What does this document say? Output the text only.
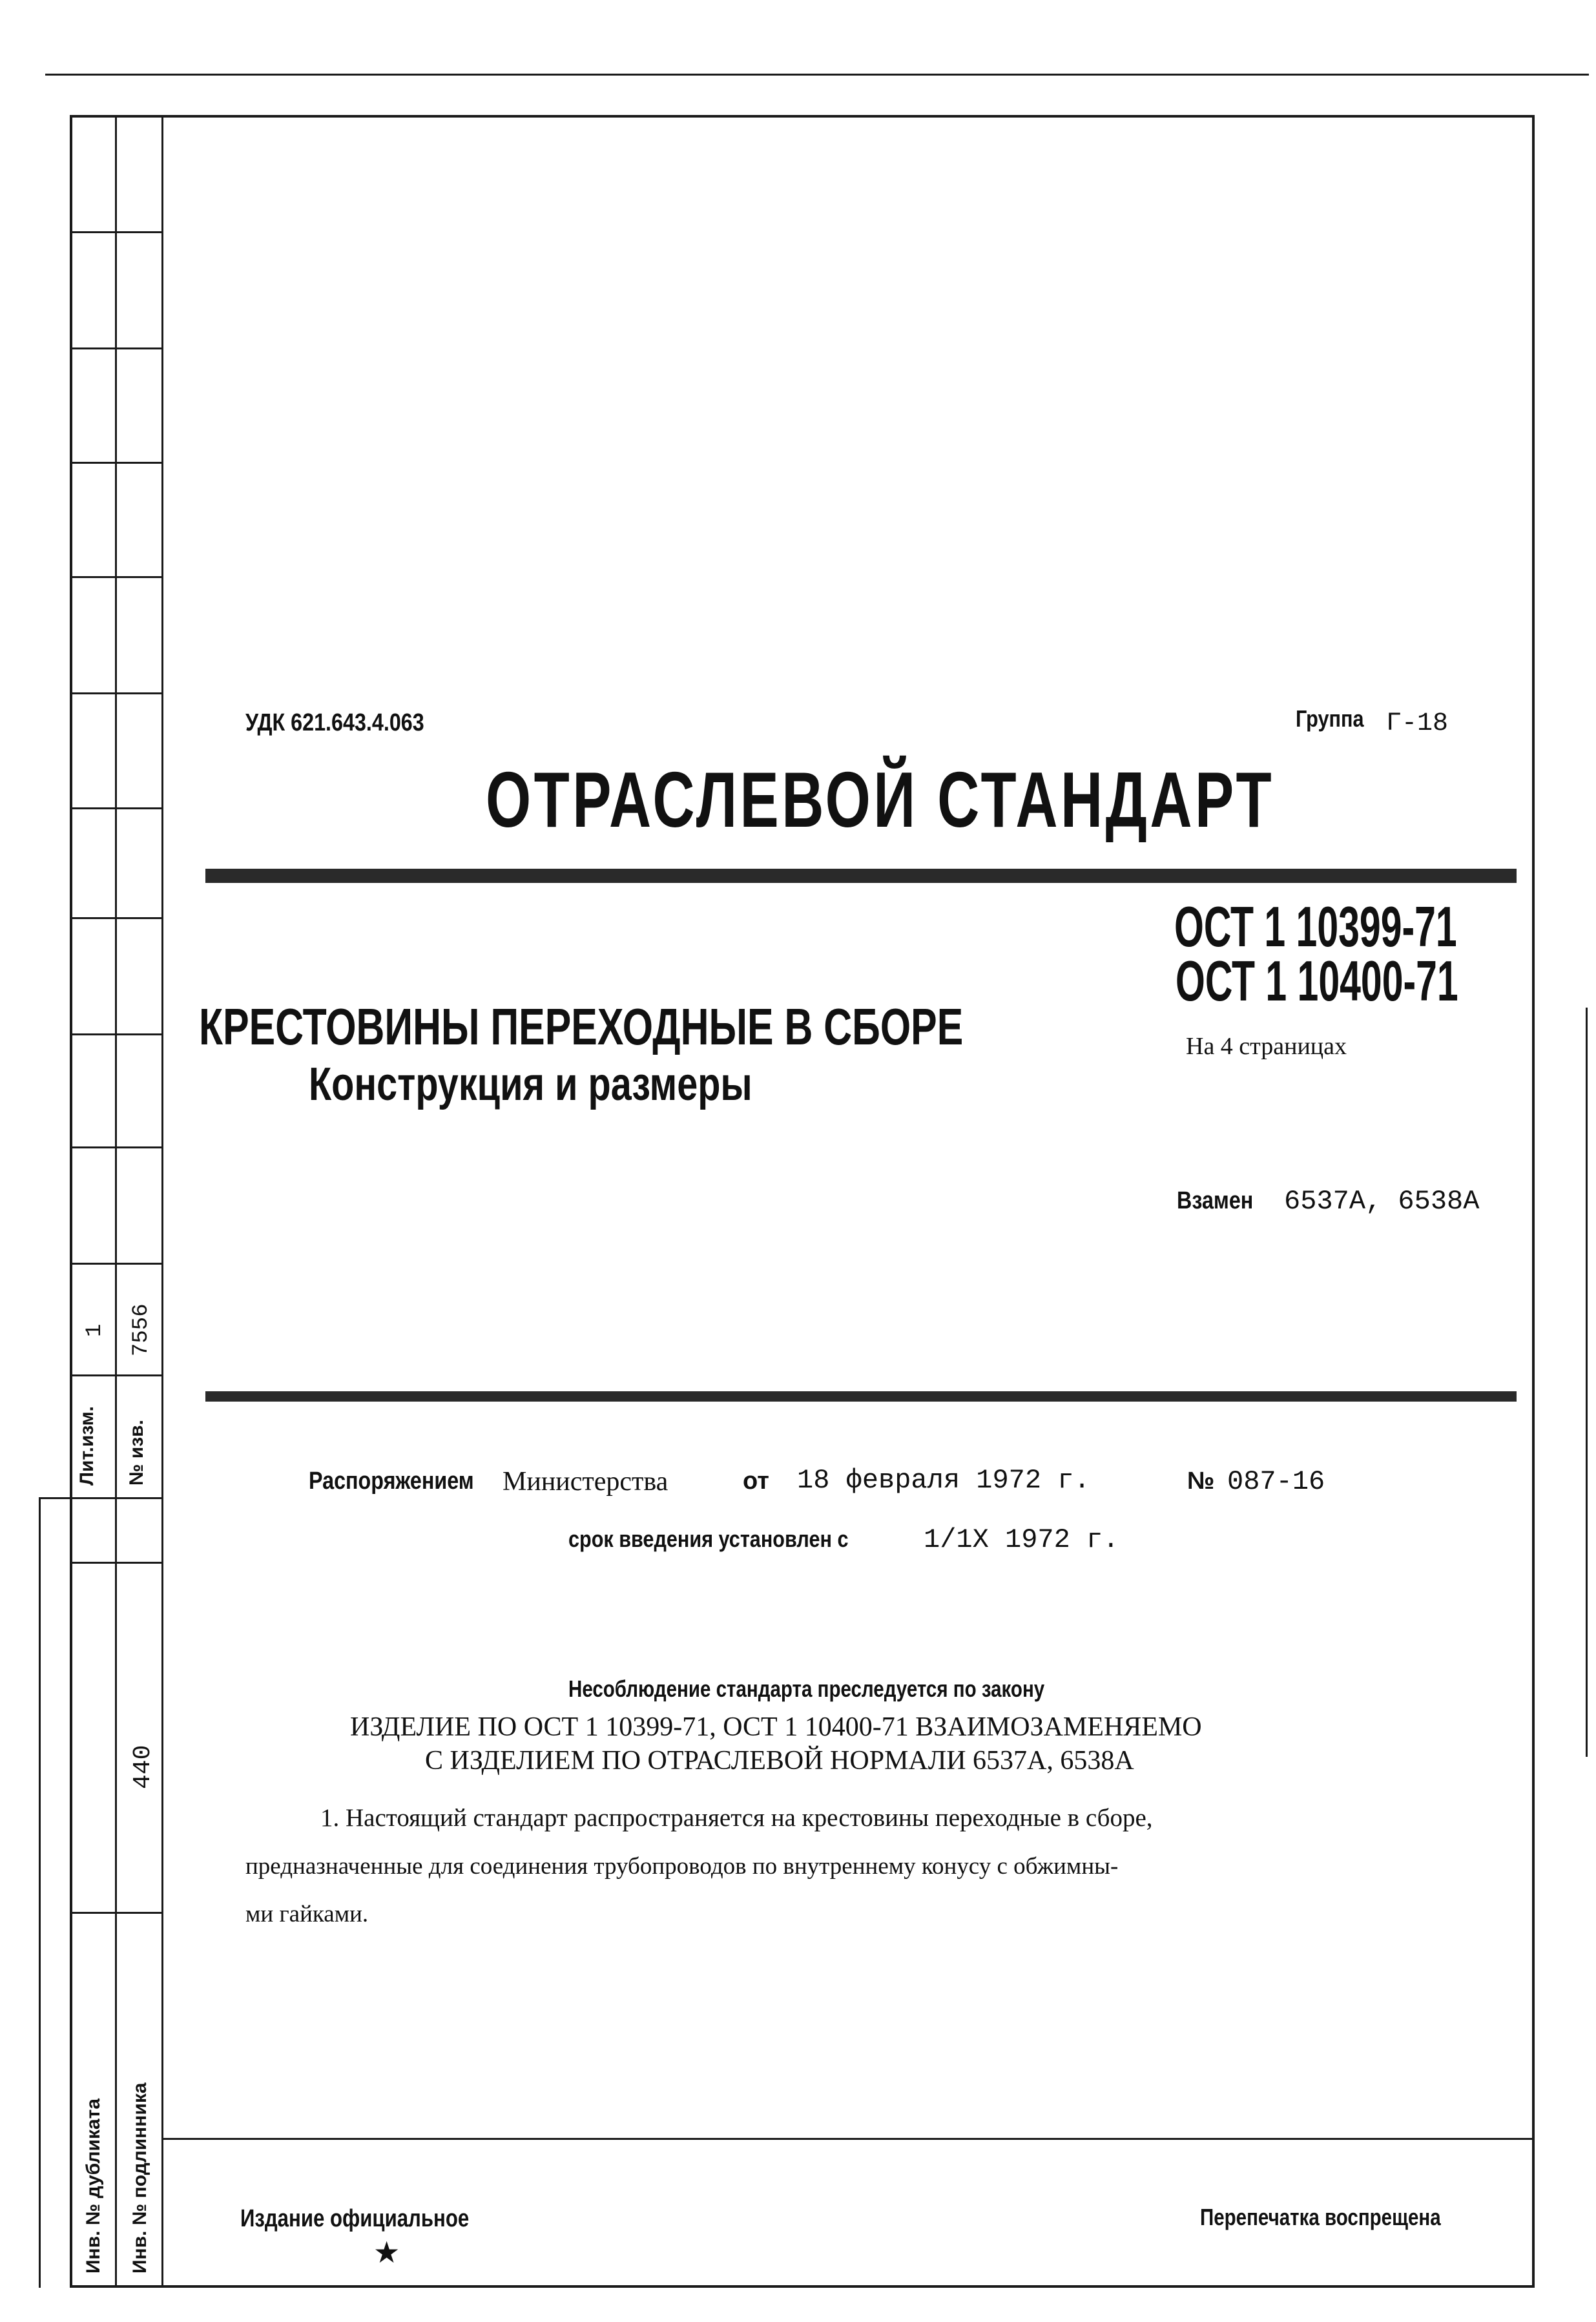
Лит.изм.
1
№ изв.
7556
440
Инв. № дубликата Инв. № подлинника
УДК 621.643.4.063	Группа Г-18
ОТРАСЛЕВОЙ СТАНДАРТ
ОСТ 1 10399-71
ОСТ 1 10400-71
На 4 страницах
КРЕСТОВИНЫ ПЕРЕХОДНЫЕ В СБОРЕ
Конструкция и размеры
Взамен 6537А, 6538А
Распоряжением Министерства	от 18 февраля 1972 г.	№ 087-16
срок введения установлен с	1/1Х 1972 г.
Несоблюдение стандарта преследуется по закону
ИЗДЕЛИЕ ПО ОСТ 1 10399-71, ОСТ 1 10400-71 ВЗАИМОЗАМЕНЯЕМО
С ИЗДЕЛИЕМ ПО ОТРАСЛЕВОЙ НОРМАЛИ 6537А, 6538А
1. Настоящий стандарт распространяется на крестовины переходные в сборе,
предназначенные для соединения трубопроводов по внутреннему конусу с обжимны-
ми гайками.
Издание официальное
★
Перепечатка воспрещена
